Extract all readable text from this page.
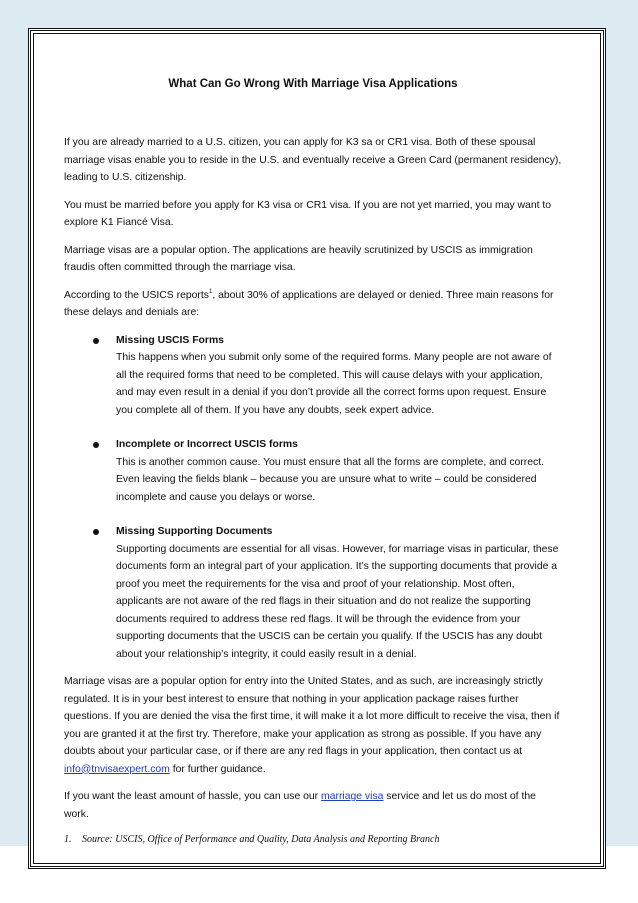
What Can Go Wrong With Marriage Visa Applications

If you are already married to a U.S. citizen, you can apply for K3 sa or CR1 visa. Both of these spousal marriage visas enable you to reside in the U.S. and eventually receive a Green Card (permanent residency), leading to U.S. citizenship.

You must be married before you apply for K3 visa or CR1 visa. If you are not yet married, you may want to explore K1 Fiancé Visa.

Marriage visas are a popular option. The applications are heavily scrutinized by USCIS as immigration fraudis often committed through the marriage visa.

According to the USICS reports$^1$, about 30% of applications are delayed or denied. Three main reasons for these delays and denials are:

Missing USCIS Forms
This happens when you submit only some of the required forms. Many people are not aware of all the required forms that need to be completed. This will cause delays with your application, and may even result in a denial if you don’t provide all the correct forms upon request. Ensure you complete all of them. If you have any doubts, seek expert advice.
Incomplete or Incorrect USCIS forms
This is another common cause. You must ensure that all the forms are complete, and correct. Even leaving the fields blank – because you are unsure what to write – could be considered incomplete and cause you delays or worse.
Missing Supporting Documents
Supporting documents are essential for all visas. However, for marriage visas in particular, these documents form an integral part of your application. It’s the supporting documents that provide a proof you meet the requirements for the visa and proof of your relationship. Most often, applicants are not aware of the red flags in their situation and do not realize the supporting documents required to address these red flags. It will be through the evidence from your supporting documents that the USCIS can be certain you qualify. If the USCIS has any doubt about your relationship’s integrity, it could easily result in a denial.

Marriage visas are a popular option for entry into the United States, and as such, are increasingly strictly regulated. It is in your best interest to ensure that nothing in your application package raises further questions. If you are denied the visa the first time, it will make it a lot more difficult to receive the visa, then if you are granted it at the first try. Therefore, make your application as strong as possible. If you have any doubts about your particular case, or if there are any red flags in your application, then contact us at info@tnvisaexpert.com for further guidance.

If you want the least amount of hassle, you can use our marriage visa service and let us do most of the work.

1. Source: USCIS, Office of Performance and Quality, Data Analysis and Reporting Branch
